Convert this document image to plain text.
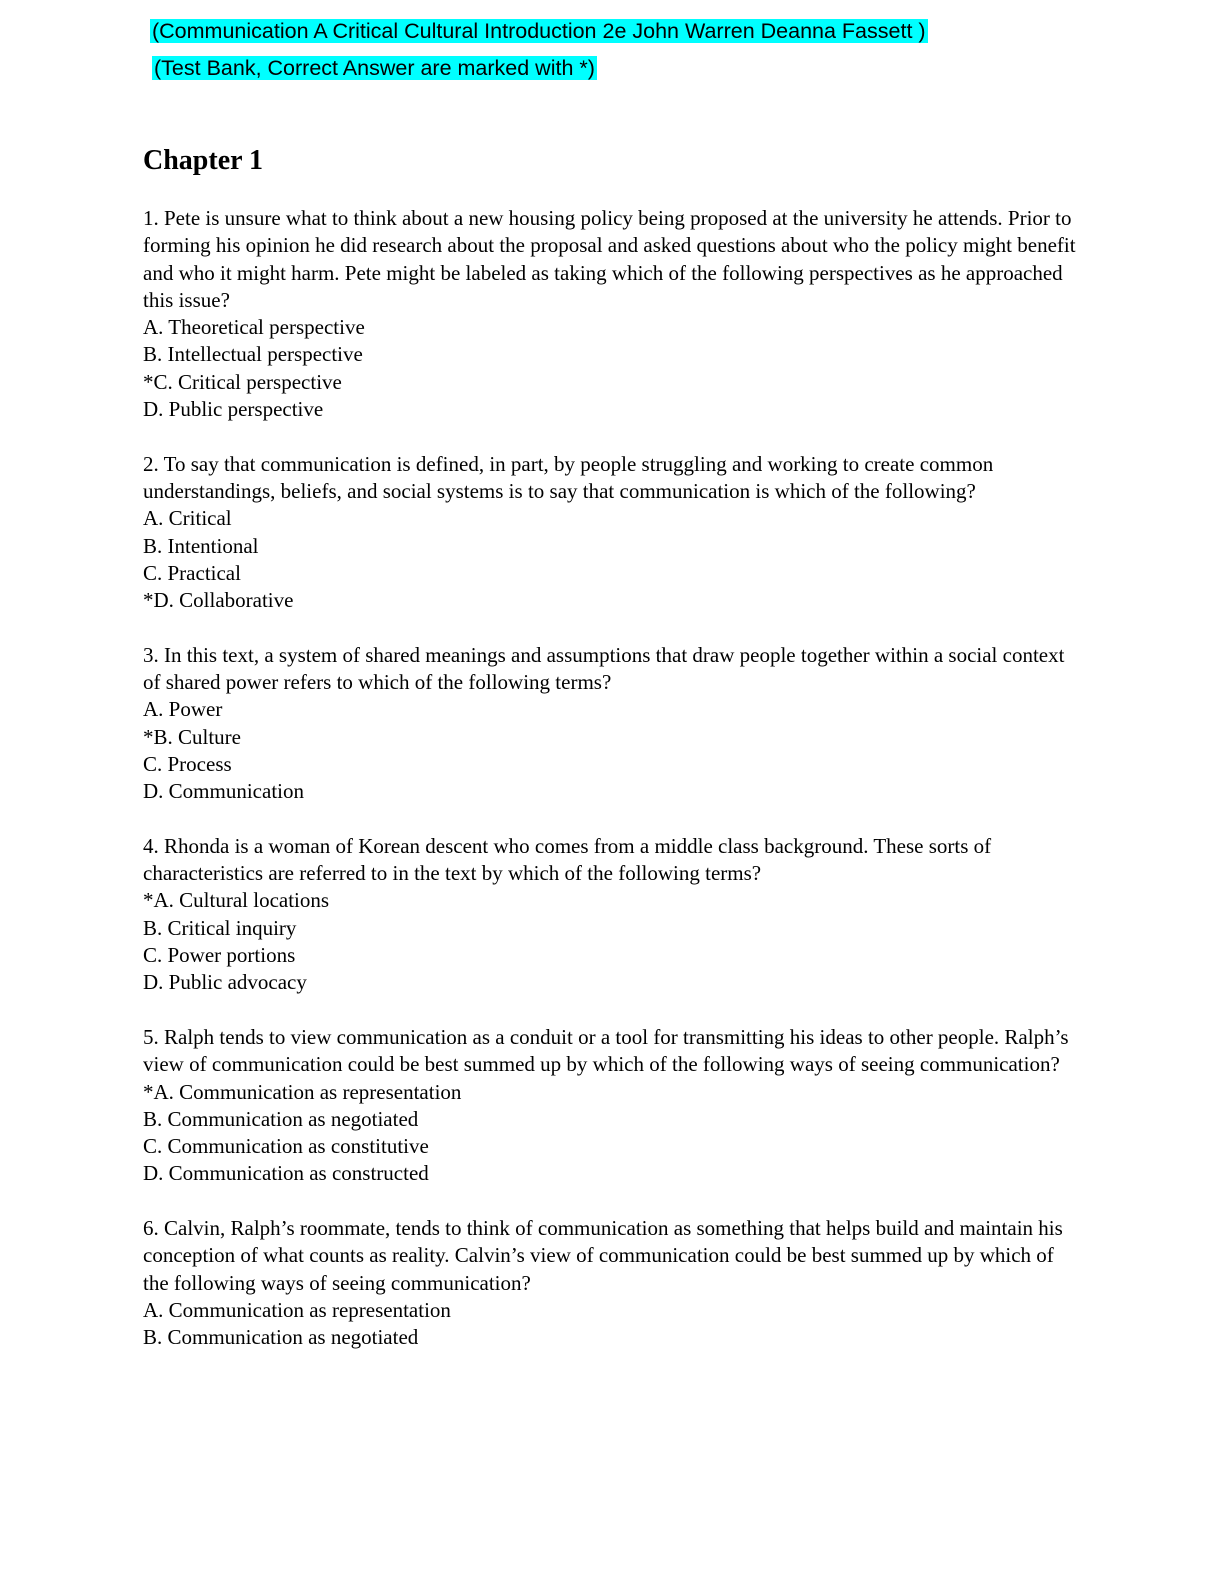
(Communication A Critical Cultural Introduction 2e John Warren Deanna Fassett )
(Test Bank, Correct Answer are marked with *)
Chapter 1
1. Pete is unsure what to think about a new housing policy being proposed at the university he attends. Prior to forming his opinion he did research about the proposal and asked questions about who the policy might benefit and who it might harm. Pete might be labeled as taking which of the following perspectives as he approached this issue?
A. Theoretical perspective
B. Intellectual perspective
*C. Critical perspective
D. Public perspective
2. To say that communication is defined, in part, by people struggling and working to create common understandings, beliefs, and social systems is to say that communication is which of the following?
A. Critical
B. Intentional
C. Practical
*D. Collaborative
3. In this text, a system of shared meanings and assumptions that draw people together within a social context of shared power refers to which of the following terms?
A. Power
*B. Culture
C. Process
D. Communication
4. Rhonda is a woman of Korean descent who comes from a middle class background. These sorts of characteristics are referred to in the text by which of the following terms?
*A. Cultural locations
B. Critical inquiry
C. Power portions
D. Public advocacy
5. Ralph tends to view communication as a conduit or a tool for transmitting his ideas to other people. Ralph’s view of communication could be best summed up by which of the following ways of seeing communication?
*A. Communication as representation
B. Communication as negotiated
C. Communication as constitutive
D. Communication as constructed
6. Calvin, Ralph’s roommate, tends to think of communication as something that helps build and maintain his conception of what counts as reality. Calvin’s view of communication could be best summed up by which of the following ways of seeing communication?
A. Communication as representation
B. Communication as negotiated
